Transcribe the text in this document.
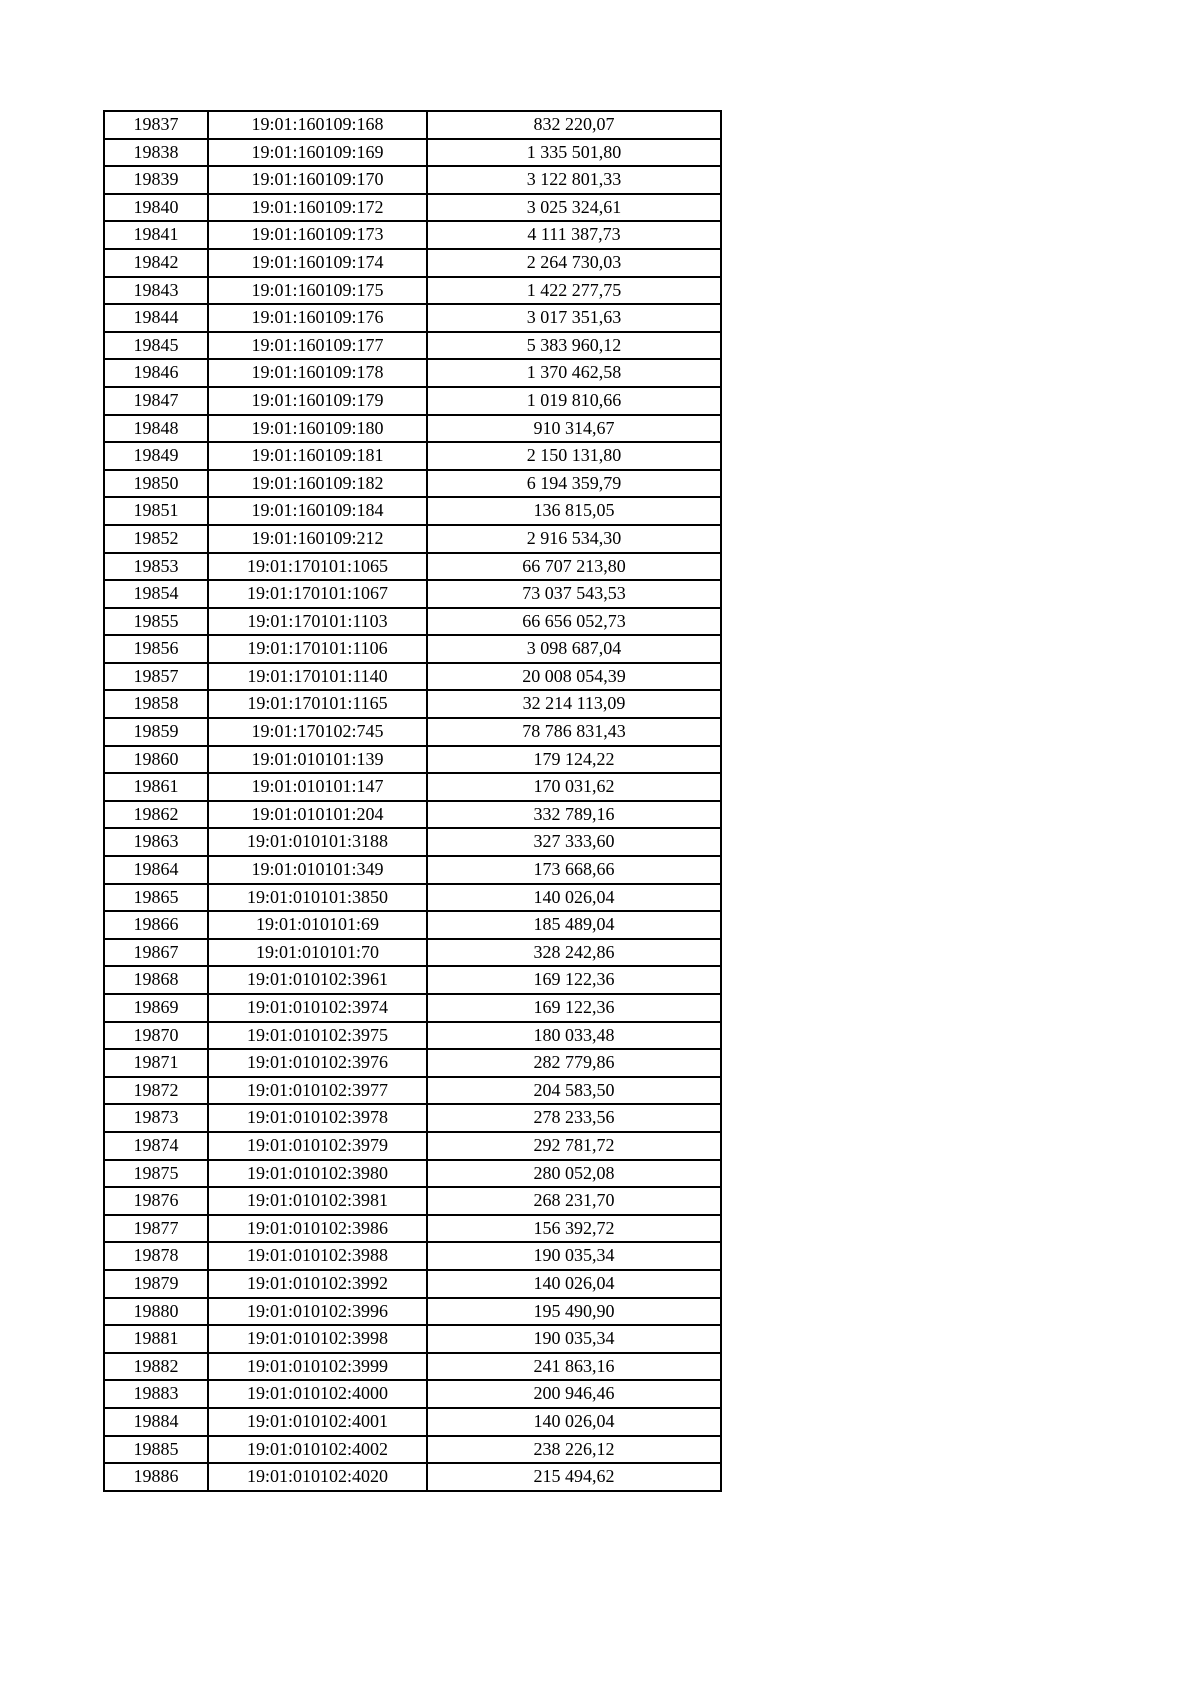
19837	19:01:160109:168	832 220,07
19838	19:01:160109:169	1 335 501,80
19839	19:01:160109:170	3 122 801,33
19840	19:01:160109:172	3 025 324,61
19841	19:01:160109:173	4 111 387,73
19842	19:01:160109:174	2 264 730,03
19843	19:01:160109:175	1 422 277,75
19844	19:01:160109:176	3 017 351,63
19845	19:01:160109:177	5 383 960,12
19846	19:01:160109:178	1 370 462,58
19847	19:01:160109:179	1 019 810,66
19848	19:01:160109:180	910 314,67
19849	19:01:160109:181	2 150 131,80
19850	19:01:160109:182	6 194 359,79
19851	19:01:160109:184	136 815,05
19852	19:01:160109:212	2 916 534,30
19853	19:01:170101:1065	66 707 213,80
19854	19:01:170101:1067	73 037 543,53
19855	19:01:170101:1103	66 656 052,73
19856	19:01:170101:1106	3 098 687,04
19857	19:01:170101:1140	20 008 054,39
19858	19:01:170101:1165	32 214 113,09
19859	19:01:170102:745	78 786 831,43
19860	19:01:010101:139	179 124,22
19861	19:01:010101:147	170 031,62
19862	19:01:010101:204	332 789,16
19863	19:01:010101:3188	327 333,60
19864	19:01:010101:349	173 668,66
19865	19:01:010101:3850	140 026,04
19866	19:01:010101:69	185 489,04
19867	19:01:010101:70	328 242,86
19868	19:01:010102:3961	169 122,36
19869	19:01:010102:3974	169 122,36
19870	19:01:010102:3975	180 033,48
19871	19:01:010102:3976	282 779,86
19872	19:01:010102:3977	204 583,50
19873	19:01:010102:3978	278 233,56
19874	19:01:010102:3979	292 781,72
19875	19:01:010102:3980	280 052,08
19876	19:01:010102:3981	268 231,70
19877	19:01:010102:3986	156 392,72
19878	19:01:010102:3988	190 035,34
19879	19:01:010102:3992	140 026,04
19880	19:01:010102:3996	195 490,90
19881	19:01:010102:3998	190 035,34
19882	19:01:010102:3999	241 863,16
19883	19:01:010102:4000	200 946,46
19884	19:01:010102:4001	140 026,04
19885	19:01:010102:4002	238 226,12
19886	19:01:010102:4020	215 494,62
